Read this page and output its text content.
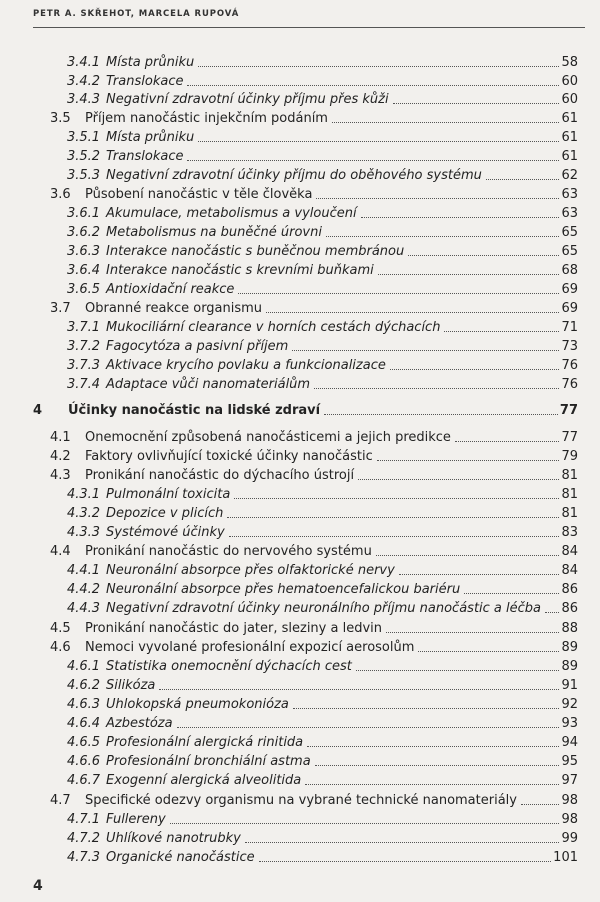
PETR A. SKŘEHOT, MARCELA RUPOVÁ
3.4.1 Místa průniku	58
3.4.2 Translokace	60
3.4.3 Negativní zdravotní účinky příjmu přes kůži	60
3.5	Příjem nanočástic injekčním podáním	61
3.5.1 Místa průniku	61
3.5.2 Translokace	61
3.5.3 Negativní zdravotní účinky příjmu do oběhového systému	62
3.6	Působení nanočástic v těle člověka	63
3.6.1 Akumulace, metabolismus a vyloučení	63
3.6.2 Metabolismus na buněčné úrovni	65
3.6.3 Interakce nanočástic s buněčnou membránou	65
3.6.4 Interakce nanočástic s krevními buňkami	68
3.6.5 Antioxidační reakce	69
3.7	Obranné reakce organismu	69
3.7.1 Mukociliární clearance v horních cestách dýchacích	71
3.7.2 Fagocytóza a pasivní příjem	73
3.7.3 Aktivace krycího povlaku a funkcionalizace	76
3.7.4 Adaptace vůči nanomateriálům	76
4	Účinky nanočástic na lidské zdraví	77
4.1	Onemocnění způsobená nanočásticemi a jejich predikce	77
4.2	Faktory ovlivňující toxické účinky nanočástic	79
4.3	Pronikání nanočástic do dýchacího ústrojí	81
4.3.1 Pulmonální toxicita	81
4.3.2 Depozice v plicích	81
4.3.3 Systémové účinky	83
4.4	Pronikání nanočástic do nervového systému	84
4.4.1 Neuronální absorpce přes olfaktorické nervy	84
4.4.2 Neuronální absorpce přes hematoencefalickou bariéru	86
4.4.3 Negativní zdravotní účinky neuronálního příjmu nanočástic a léčba 86
4.5	Pronikání nanočástic do jater, sleziny a ledvin	88
4.6	Nemoci vyvolané profesionální expozicí aerosolům	89
4.6.1 Statistika onemocnění dýchacích cest	89
4.6.2 Silikóza	91
4.6.3 Uhlokopská pneumokonióza	92
4.6.4 Azbestóza	93
4.6.5 Profesionální alergická rinitida	94
4.6.6 Profesionální bronchiální astma	95
4.6.7 Exogenní alergická alveolitida	97
4.7	Specifické odezvy organismu na vybrané technické nanomateriály	98
4.7.1 Fullereny	98
4.7.2 Uhlíkové nanotrubky	99
4.7.3 Organické nanočástice	101
4
